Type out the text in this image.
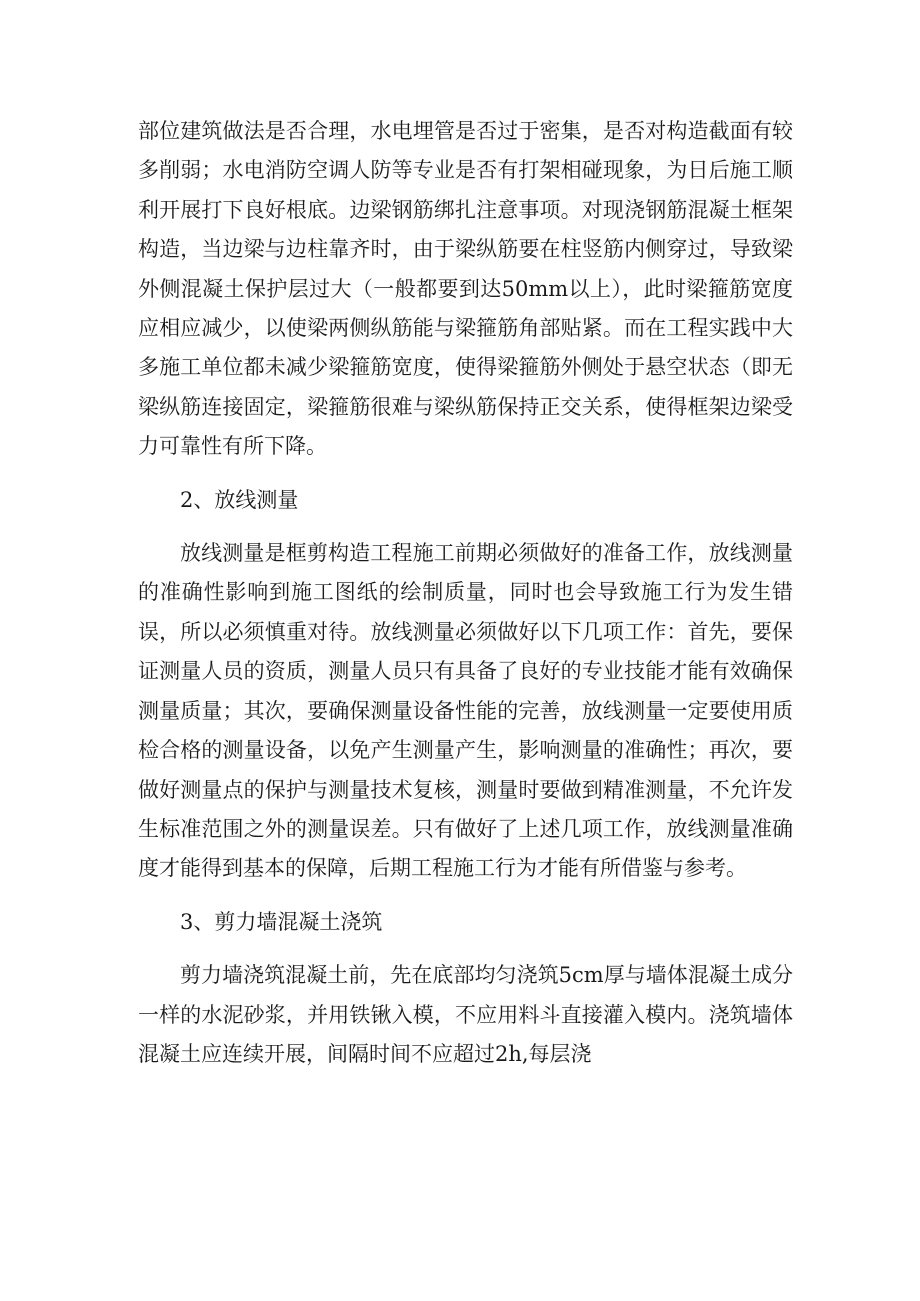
部位建筑做法是否合理，水电埋管是否过于密集，是否对构造截面有较多削弱；水电消防空调人防等专业是否有打架相碰现象，为日后施工顺利开展打下良好根底。边梁钢筋绑扎注意事项。对现浇钢筋混凝土框架构造，当边梁与边柱靠齐时，由于梁纵筋要在柱竖筋内侧穿过，导致梁外侧混凝土保护层过大（一般都要到达50mm以上），此时梁箍筋宽度应相应减少，以使梁两侧纵筋能与梁箍筋角部贴紧。而在工程实践中大多施工单位都未减少梁箍筋宽度，使得梁箍筋外侧处于悬空状态（即无梁纵筋连接固定，梁箍筋很难与梁纵筋保持正交关系，使得框架边梁受力可靠性有所下降。

2、放线测量

放线测量是框剪构造工程施工前期必须做好的准备工作，放线测量的准确性影响到施工图纸的绘制质量，同时也会导致施工行为发生错误，所以必须慎重对待。放线测量必须做好以下几项工作：首先，要保证测量人员的资质，测量人员只有具备了良好的专业技能才能有效确保测量质量；其次，要确保测量设备性能的完善，放线测量一定要使用质检合格的测量设备，以免产生测量产生，影响测量的准确性；再次，要做好测量点的保护与测量技术复核，测量时要做到精准测量，不允许发生标准范围之外的测量误差。只有做好了上述几项工作，放线测量准确度才能得到基本的保障，后期工程施工行为才能有所借鉴与参考。

3、剪力墙混凝土浇筑

剪力墙浇筑混凝土前，先在底部均匀浇筑5cm厚与墙体混凝土成分一样的水泥砂浆，并用铁锹入模，不应用料斗直接灌入模内。浇筑墙体混凝土应连续开展，间隔时间不应超过2h,每层浇
